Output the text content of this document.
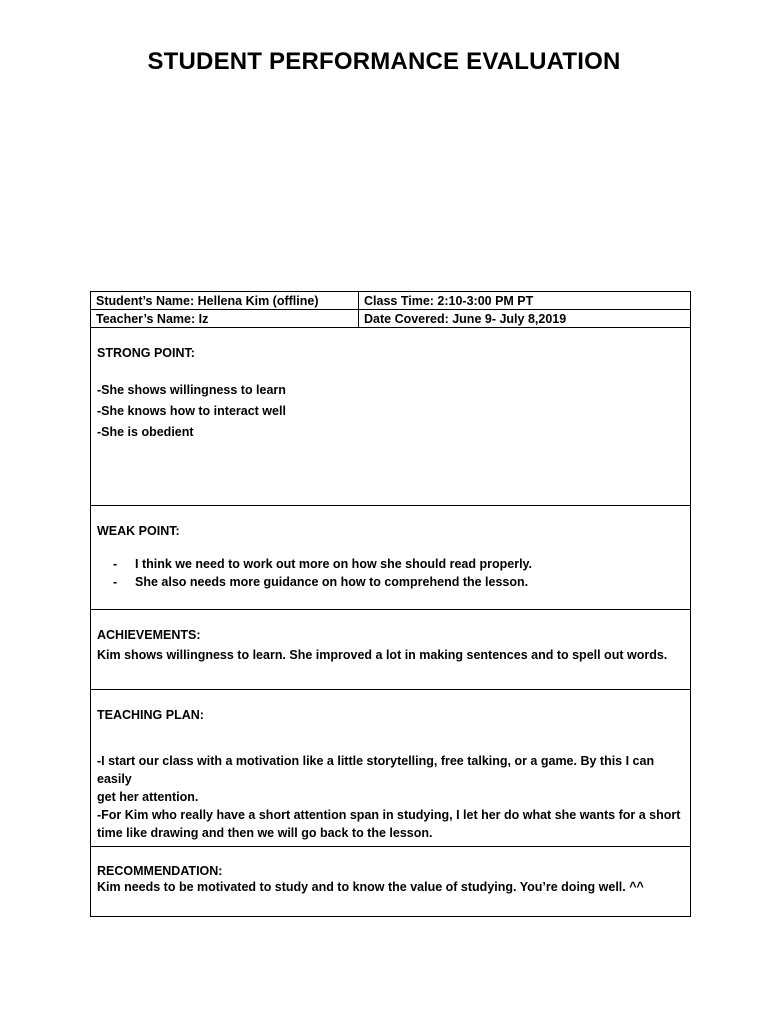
STUDENT PERFORMANCE EVALUATION
Student’s Name: Hellena Kim (offline)	Class Time: 2:10-3:00 PM PT
Teacher’s Name: Iz	Date Covered: June 9- July 8,2019
STRONG POINT:
-She shows willingness to learn
-She knows how to interact well
-She is obedient
WEAK POINT:
- I think we need to work out more on how she should read properly.
- She also needs more guidance on how to comprehend the lesson.
ACHIEVEMENTS:
Kim shows willingness to learn. She improved a lot in making sentences and to spell out words.
TEACHING PLAN:
-I start our class with a motivation like a little storytelling, free talking, or a game. By this I can easily
get her attention.
-For Kim who really have a short attention span in studying, I let her do what she wants for a short
time like drawing and then we will go back to the lesson.
RECOMMENDATION:
Kim needs to be motivated to study and to know the value of studying. You’re doing well. ^^
